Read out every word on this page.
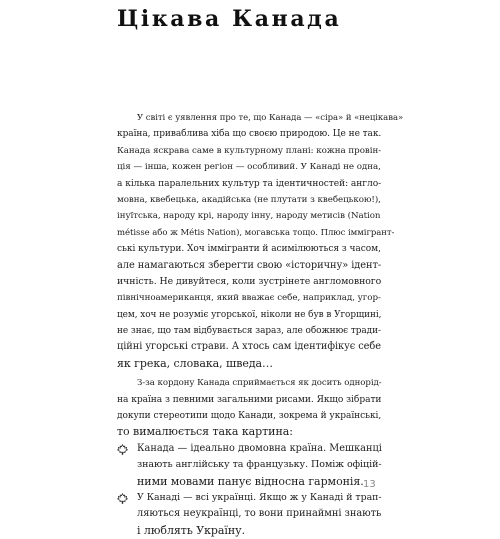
Цікава Канада
У світі є уявлення про те, що Канада — «сіра» й «нецікава»
країна, приваблива хіба що своєю природою. Це не так.
Канада яскрава саме в культурному плані: кожна провін-
ція — інша, кожен регіон — особливий. У Канаді не одна,
а кілька паралельних культур та ідентичностей: англо-
мовна, квебецька, акадійська (не плутати з квебецькою!),
інуїтська, народу крі, народу інну, народу метисів (Nation
métisse або ж Métis Nation), могавська тощо. Плюс іммігрант-
ські культури. Хоч іммігранти й асимілюються з часом,
але намагаються зберегти свою «історичну» ідент-
ичність. Не дивуйтеся, коли зустрінете англомовного
північноамериканця, який вважає себе, наприклад, угор-
цем, хоч не розуміє угорської, ніколи не був в Угорщині,
не знає, що там відбувається зараз, але обожнює тради-
ційні угорські страви. А хтось сам ідентифікує себе
як грека, словака, шведа…
З-за кордону Канада сприймається як досить однорід-
на країна з певними загальними рисами. Якщо зібрати
докупи стереотипи щодо Канади, зокрема й українські,
то вималюється така картина:
Канада — ідеально двомовна країна. Мешканці
знають англійську та французьку. Поміж офіцій-
ними мовами панує відносна гармонія.
У Канаді — всі українці. Якщо ж у Канаді й трап-
ляються неукраїнці, то вони принаймні знають
і люблять Україну.
13
